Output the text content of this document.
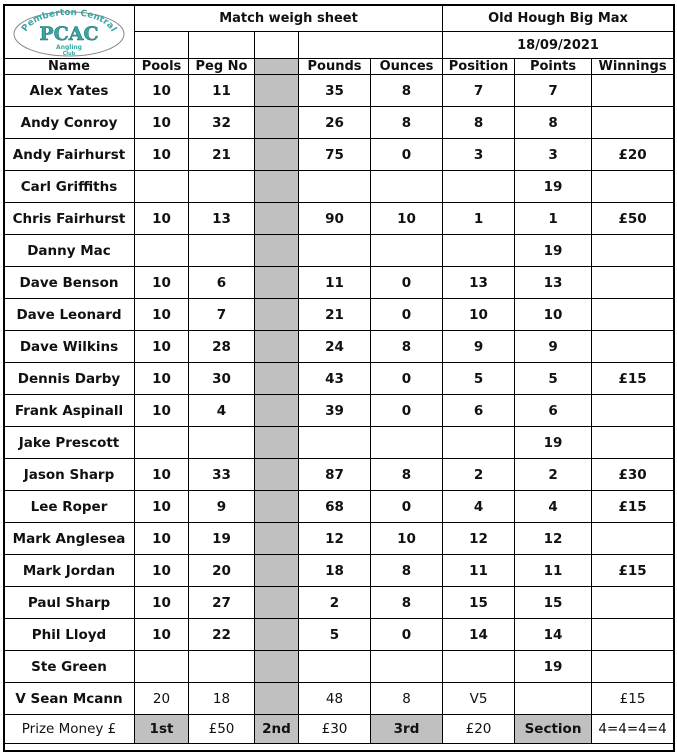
Pemberton Central
PCAC
Angling
Club	Match weigh sheet					Old Hough Big Max		
						18/09/2021		
Name	Pools	Peg No		Pounds	Ounces	Position	Points	Winnings
Alex Yates	10	11		35	8	7	7	
Andy Conroy	10	32		26	8	8	8	
Andy Fairhurst	10	21		75	0	3	3	£20
Carl Griffiths							19	
Chris Fairhurst	10	13		90	10	1	1	£50
Danny Mac							19	
Dave Benson	10	6		11	0	13	13	
Dave Leonard	10	7		21	0	10	10	
Dave Wilkins	10	28		24	8	9	9	
Dennis Darby	10	30		43	0	5	5	£15
Frank Aspinall	10	4		39	0	6	6	
Jake Prescott							19	
Jason Sharp	10	33		87	8	2	2	£30
Lee Roper	10	9		68	0	4	4	£15
Mark Anglesea	10	19		12	10	12	12	
Mark Jordan	10	20		18	8	11	11	£15
Paul Sharp	10	27		2	8	15	15	
Phil Lloyd	10	22		5	0	14	14	
Ste Green							19	
V Sean Mcann	20	18		48	8	V5		£15
Prize Money £	1st	£50	2nd	£30	3rd	£20	Section	4=4=4=4
